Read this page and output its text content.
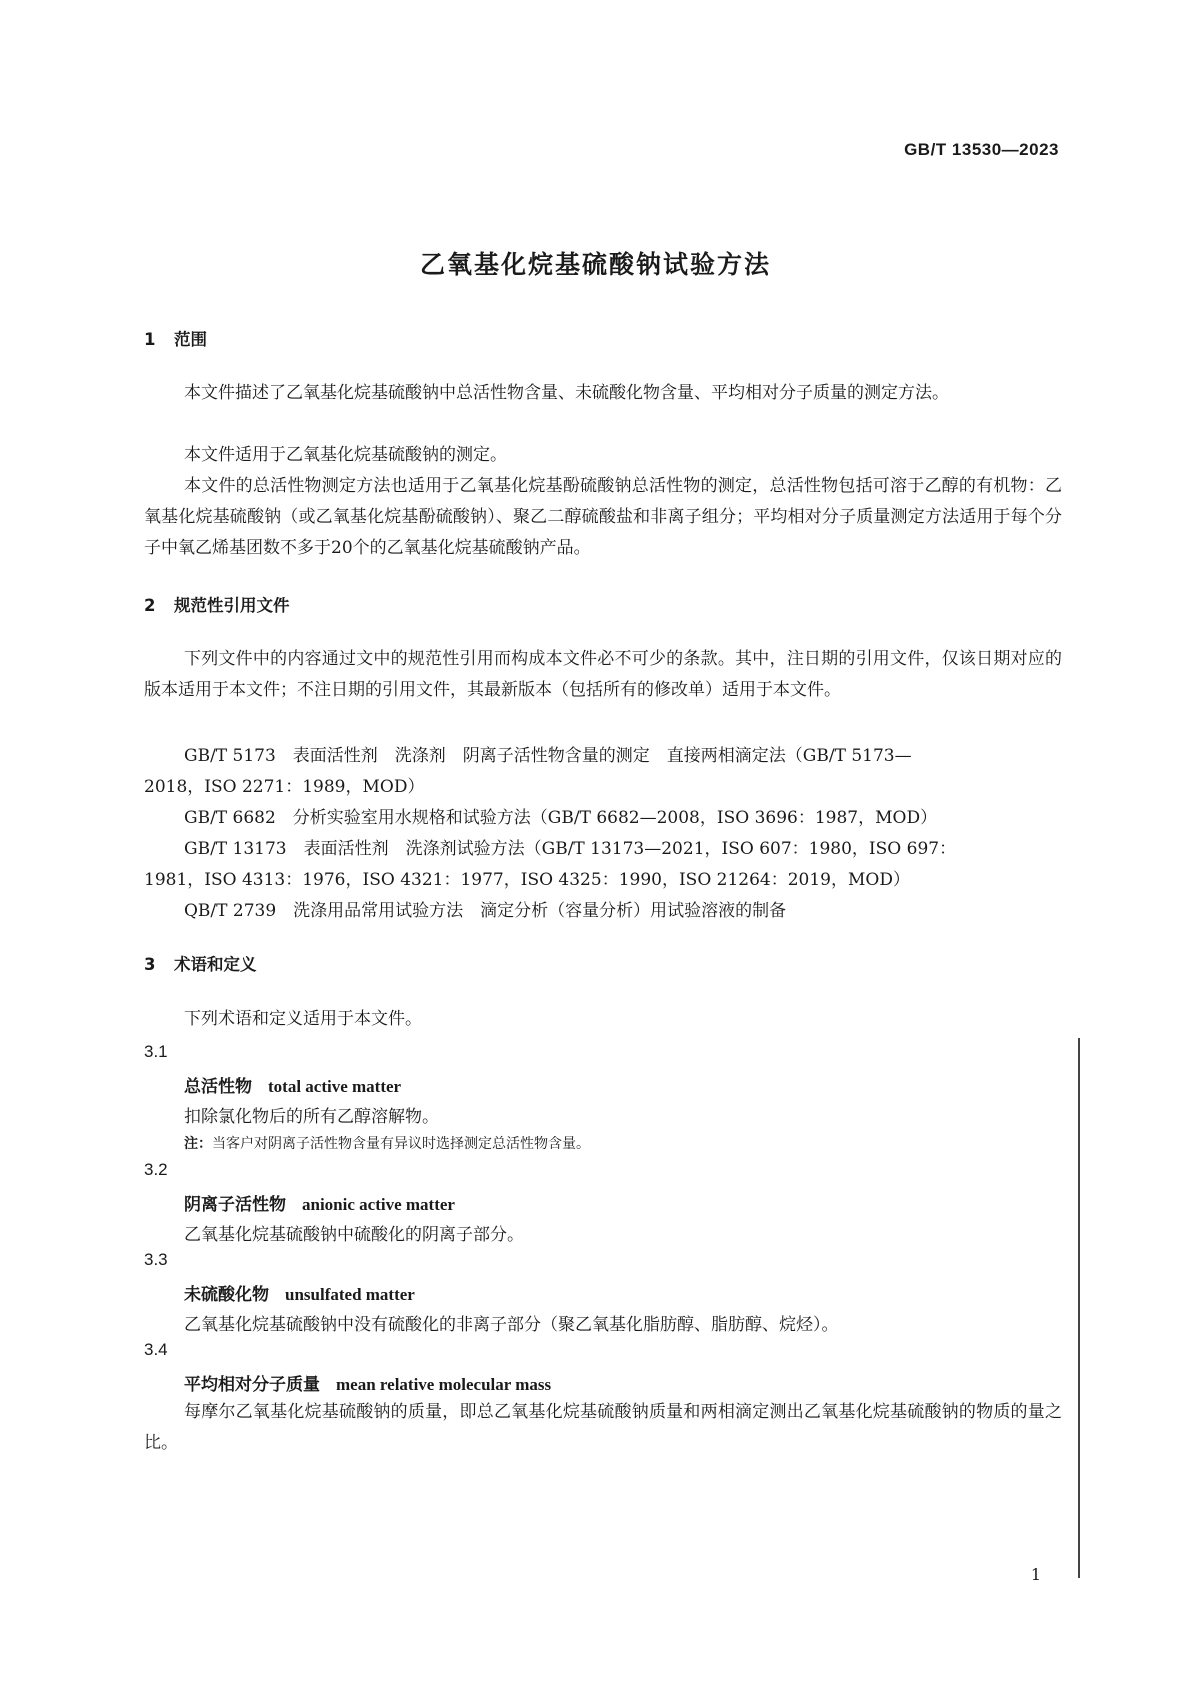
GB/T 13530—2023
乙氧基化烷基硫酸钠试验方法
1 范围

本文件描述了乙氧基化烷基硫酸钠中总活性物含量、未硫酸化物含量、平均相对分子质量的测定方法。

本文件适用于乙氧基化烷基硫酸钠的测定。

本文件的总活性物测定方法也适用于乙氧基化烷基酚硫酸钠总活性物的测定，总活性物包括可溶于乙醇的有机物：乙氧基化烷基硫酸钠（或乙氧基化烷基酚硫酸钠）、聚乙二醇硫酸盐和非离子组分；平均相对分子质量测定方法适用于每个分子中氧乙烯基团数不多于20个的乙氧基化烷基硫酸钠产品。

2 规范性引用文件

下列文件中的内容通过文中的规范性引用而构成本文件必不可少的条款。其中，注日期的引用文件，仅该日期对应的版本适用于本文件；不注日期的引用文件，其最新版本（包括所有的修改单）适用于本文件。

GB/T 5173　表面活性剂　洗涤剂　阴离子活性物含量的测定　直接两相滴定法（GB/T 5173—
2018，ISO 2271：1989，MOD）
GB/T 6682　分析实验室用水规格和试验方法（GB/T 6682—2008，ISO 3696：1987，MOD）
GB/T 13173　表面活性剂　洗涤剂试验方法（GB/T 13173—2021，ISO 607：1980，ISO 697：
1981，ISO 4313：1976，ISO 4321：1977，ISO 4325：1990，ISO 21264：2019，MOD）
QB/T 2739　洗涤用品常用试验方法　滴定分析（容量分析）用试验溶液的制备
3 术语和定义
下列术语和定义适用于本文件。
3.1
总活性物 total active matter
扣除氯化物后的所有乙醇溶解物。
注：当客户对阴离子活性物含量有异议时选择测定总活性物含量。
3.2
阴离子活性物 anionic active matter
乙氧基化烷基硫酸钠中硫酸化的阴离子部分。
3.3
未硫酸化物 unsulfated matter
乙氧基化烷基硫酸钠中没有硫酸化的非离子部分（聚乙氧基化脂肪醇、脂肪醇、烷烃）。
3.4
平均相对分子质量 mean relative molecular mass

每摩尔乙氧基化烷基硫酸钠的质量，即总乙氧基化烷基硫酸钠质量和两相滴定测出乙氧基化烷基硫酸钠的物质的量之比。

1
